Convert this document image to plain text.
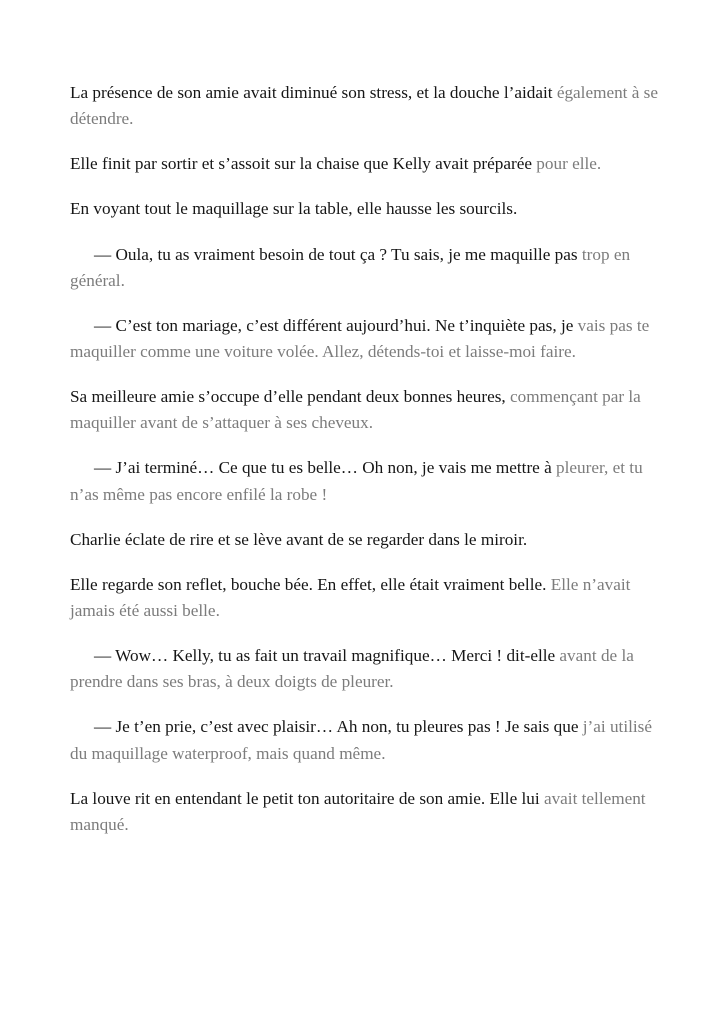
La présence de son amie avait diminué son stress, et la douche l’aidait également à se détendre.
Elle finit par sortir et s’assoit sur la chaise que Kelly avait préparée pour elle.
En voyant tout le maquillage sur la table, elle hausse les sourcils.
— Oula, tu as vraiment besoin de tout ça ? Tu sais, je me maquille pas trop en général.
— C’est ton mariage, c’est différent aujourd’hui. Ne t’inquiète pas, je vais pas te maquiller comme une voiture volée. Allez, détends-toi et laisse-moi faire.
Sa meilleure amie s’occupe d’elle pendant deux bonnes heures, commençant par la maquiller avant de s’attaquer à ses cheveux.
— J’ai terminé… Ce que tu es belle… Oh non, je vais me mettre à pleurer, et tu n’as même pas encore enfilé la robe !
Charlie éclate de rire et se lève avant de se regarder dans le miroir.
Elle regarde son reflet, bouche bée. En effet, elle était vraiment belle. Elle n’avait jamais été aussi belle.
— Wow… Kelly, tu as fait un travail magnifique… Merci ! dit-elle avant de la prendre dans ses bras, à deux doigts de pleurer.
— Je t’en prie, c’est avec plaisir… Ah non, tu pleures pas ! Je sais que j’ai utilisé du maquillage waterproof, mais quand même.
La louve rit en entendant le petit ton autoritaire de son amie. Elle lui avait tellement manqué.
